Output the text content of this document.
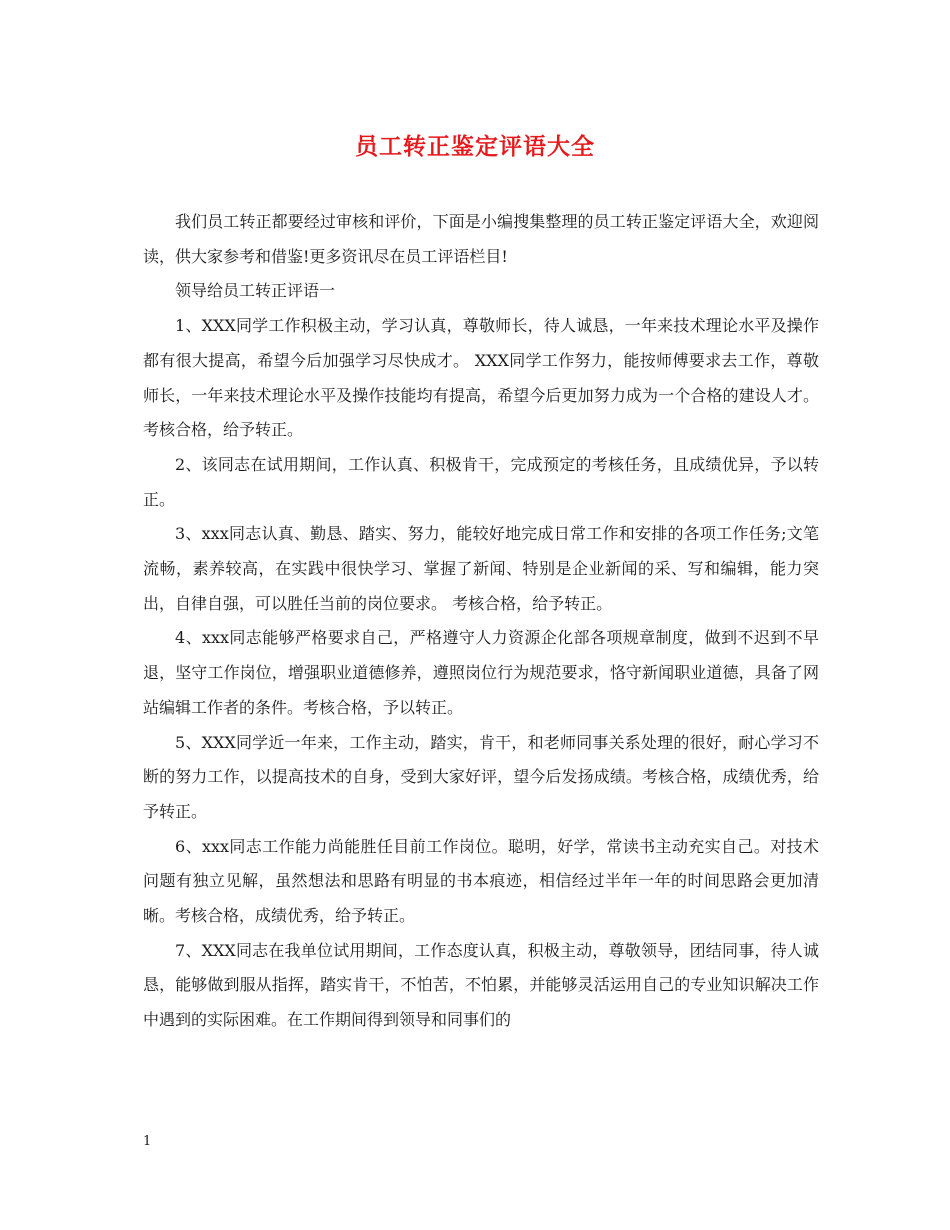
员工转正鉴定评语大全

我们员工转正都要经过审核和评价，下面是小编搜集整理的员工转正鉴定评语大全，欢迎阅读，供大家参考和借鉴!更多资讯尽在员工评语栏目!

领导给员工转正评语一

1、XXX同学工作积极主动，学习认真，尊敬师长，待人诚恳，一年来技术理论水平及操作都有很大提高，希望今后加强学习尽快成才。 XXX同学工作努力，能按师傅要求去工作，尊敬师长，一年来技术理论水平及操作技能均有提高，希望今后更加努力成为一个合格的建设人才。考核合格，给予转正。

2、该同志在试用期间，工作认真、积极肯干，完成预定的考核任务，且成绩优异，予以转正。

3、xxx同志认真、勤恳、踏实、努力，能较好地完成日常工作和安排的各项工作任务;文笔流畅，素养较高，在实践中很快学习、掌握了新闻、特别是企业新闻的采、写和编辑，能力突出，自律自强，可以胜任当前的岗位要求。 考核合格，给予转正。

4、xxx同志能够严格要求自己，严格遵守人力资源企化部各项规章制度，做到不迟到不早退，坚守工作岗位，增强职业道德修养，遵照岗位行为规范要求，恪守新闻职业道德，具备了网站编辑工作者的条件。考核合格，予以转正。

5、XXX同学近一年来，工作主动，踏实，肯干，和老师同事关系处理的很好，耐心学习不断的努力工作，以提高技术的自身，受到大家好评，望今后发扬成绩。考核合格，成绩优秀，给予转正。

6、xxx同志工作能力尚能胜任目前工作岗位。聪明，好学，常读书主动充实自己。对技术问题有独立见解，虽然想法和思路有明显的书本痕迹，相信经过半年一年的时间思路会更加清晰。考核合格，成绩优秀，给予转正。

7、XXX同志在我单位试用期间，工作态度认真，积极主动，尊敬领导，团结同事，待人诚恳，能够做到服从指挥，踏实肯干，不怕苦，不怕累，并能够灵活运用自己的专业知识解决工作中遇到的实际困难。在工作期间得到领导和同事们的

1
